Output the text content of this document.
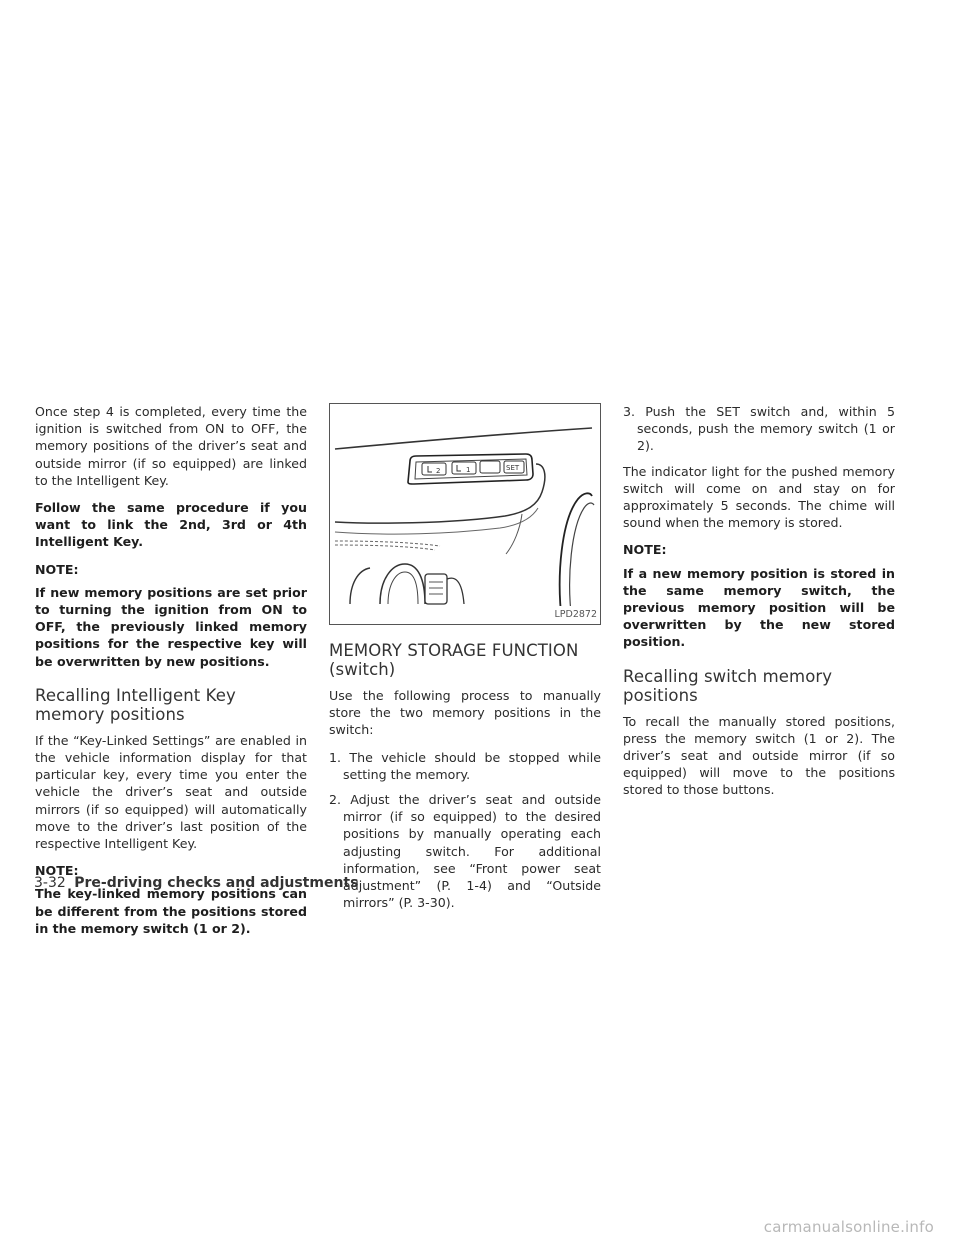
Once step 4 is completed, every time the ignition is switched from ON to OFF, the memory positions of the driver’s seat and outside mirror (if so equipped) are linked to the Intelligent Key.

Follow the same procedure if you want to link the 2nd, 3rd or 4th Intelligent Key.

NOTE:

If new memory positions are set prior to turning the ignition from ON to OFF, the previously linked memory positions for the respective key will be overwritten by new positions.

Recalling Intelligent Key memory positions

If the “Key-Linked Settings” are enabled in the vehicle information display for that particular key, every time you enter the vehicle the driver’s seat and outside mirrors (if so equipped) will automatically move to the driver’s last position of the respective Intelligent Key.

NOTE:

The key-linked memory positions can be different from the positions stored in the memory switch (1 or 2).

2	1	SET
LPD2872
MEMORY STORAGE FUNCTION (switch)

Use the following process to manually store the two memory positions in the switch:

1. The vehicle should be stopped while setting the memory.
2. Adjust the driver’s seat and outside mirror (if so equipped) to the desired positions by manually operating each adjusting switch. For additional information, see “Front power seat adjustment” (P. 1-4) and “Outside mirrors” (P. 3-30).
3. Push the SET switch and, within 5 seconds, push the memory switch (1 or 2).

The indicator light for the pushed memory switch will come on and stay on for approximately 5 seconds. The chime will sound when the memory is stored.

NOTE:

If a new memory position is stored in the same memory switch, the previous memory position will be overwritten by the new stored position.

Recalling switch memory positions

To recall the manually stored positions, press the memory switch (1 or 2). The driver’s seat and outside mirror (if so equipped) will move to the positions stored to those buttons.

3-32 Pre-driving checks and adjustments
carmanualsonline.info
